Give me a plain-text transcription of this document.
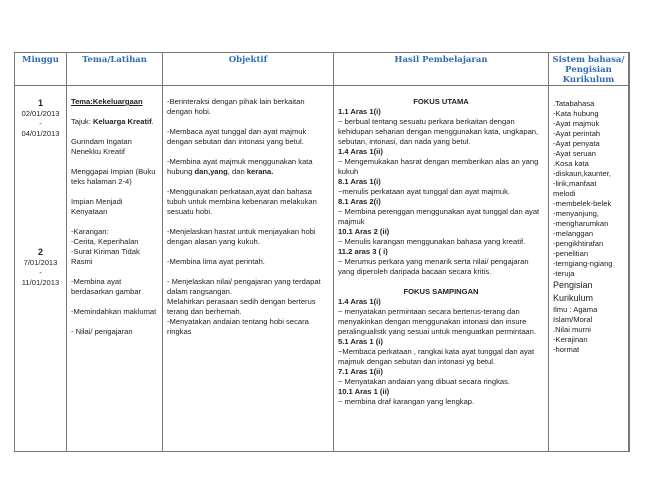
Minggu
1
02/01/2013
-
04/01/2013
2
7/01/2013
-
11/01/2013
Tema/Latihan
Tema:Kekeluargaan
Tajuk: Keluarga Kreatif.
Gurindam Ingatan Nenekku Kreatif
Menggapai Impian (Buku teks halaman 2-4)
Impian Menjadi Kenyataan
-Karangan:
-Cerita, Keperihalan
-Surat Kiriman Tidak Rasmi
-Membina ayat
berdasarkan gambar
-Memindahkan maklumat
- Nilai/ pengajaran
Objektif
-Berinteraksi dengan pihak lain berkaitan dengan hobi.
-Membaca ayat tunggal dan ayat majmuk dengan sebutan dan intonasi yang betul.
-Membina ayat majmuk menggunakan kata hubung dan,yang, dan kerana.
-Menggunakan perkataan,ayat dan bahasa tubuh untuk membina kebenaran melakukan sesuatu hobi.
-Menjelaskan hasrat untuk menjayakan hobi dengan alasan yang kukuh.
-Membina lima ayat perintah.
- Menjelaskan nilai/ pengajaran yang terdapat dalam rangsangan.
Melahirkan perasaan sedih dengan berterus terang dan berhemah.
-Menyatakan andaian tentang hobi secara ringkas
Hasil Pembelajaran
FOKUS UTAMA
1.1 Aras 1(i)
~ berbual tentang sesuatu perkara berkaitan dengan kehidupan seharian dengan menggunakan kata, ungkapan, sebutan, intonasi, dan nada yang betul.
1.4 Aras 1(ii)
~ Mengemukakan hasrat dengan memberikan alas an yang kukuh
8.1 Aras 1(i)
~menulis perkataan ayat tunggal dan ayat majmuk.
8.1 Aras 2(i)
~ Membina perenggan menggunakan ayat tunggal dan ayat majmuk
10.1 Aras 2 (ii)
~ Menulis karangan menggunakan bahasa yang kreatif.
11.2 aras 3 ( i)
~ Merumus perkara yang menarik serta nilai/ pengajaran yang diperoleh daripada bacaan secara kritis.
FOKUS SAMPINGAN
1.4 Aras 1(i)
~ menyatakan permintaan secara berterus-terang dan menyakinkan dengan menggunakan intonasi dan insure peralingualistk yang sesuai untuk menguatkan permintaan.
5.1 Aras 1 (i)
~Membaca perkataan , rangkai kata ayat tunggal dan ayat majmuk dengan sebutan dan intonasi yg betul.
7.1 Aras 1(ii)
~ Menyatakan andaian yang dibuat secara ringkas.
10.1 Aras 1 (ii)
~ membina draf karangan yang lengkap.
Sistem bahasa/ Pengisian Kurikulum
.Tatabahasa
-Kata hubung
-Ayat majmuk
-Ayat perintah
-Ayat penyata
-Ayat seruan
.Kosa kata
-diskaun,kaunter,
-lirik,manfaat
melodi
-membelek-belek
-menyanjung,
-mengharumkan
-melanggan
-pengikhtirafan
-penelitian
-terngiang-ngiang
-teruja
Pengisian
Kurikulum
Ilmu : Agama
Islam/Moral
.Nilai murni
-Kerajinan
-hormat
